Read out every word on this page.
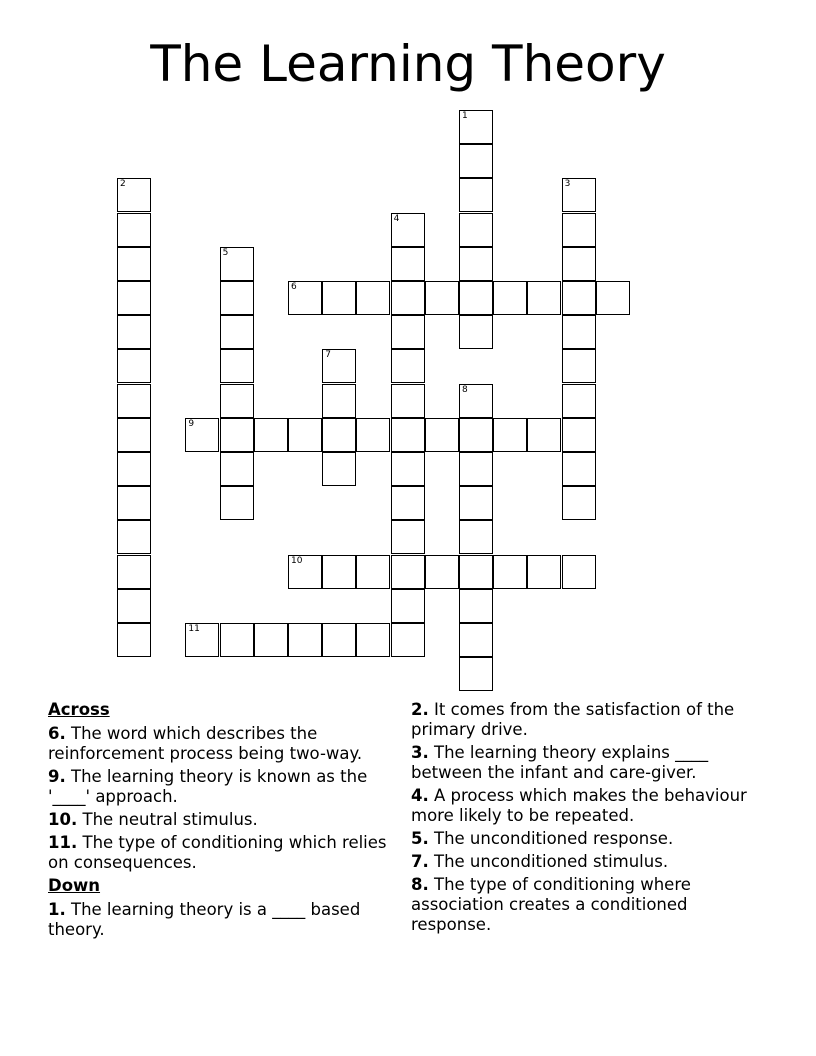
The Learning Theory
1
2	3
4
5
6
7
8
9
10
11
Across
6. The word which describes the reinforcement process being two-way.
9. The learning theory is known as the '____' approach.
10. The neutral stimulus.
11. The type of conditioning which relies on consequences.
Down
1. The learning theory is a ____ based theory.
2. It comes from the satisfaction of the primary drive.
3. The learning theory explains ____ between the infant and care-giver.
4. A process which makes the behaviour more likely to be repeated.
5. The unconditioned response.
7. The unconditioned stimulus.
8. The type of conditioning where association creates a conditioned response.
